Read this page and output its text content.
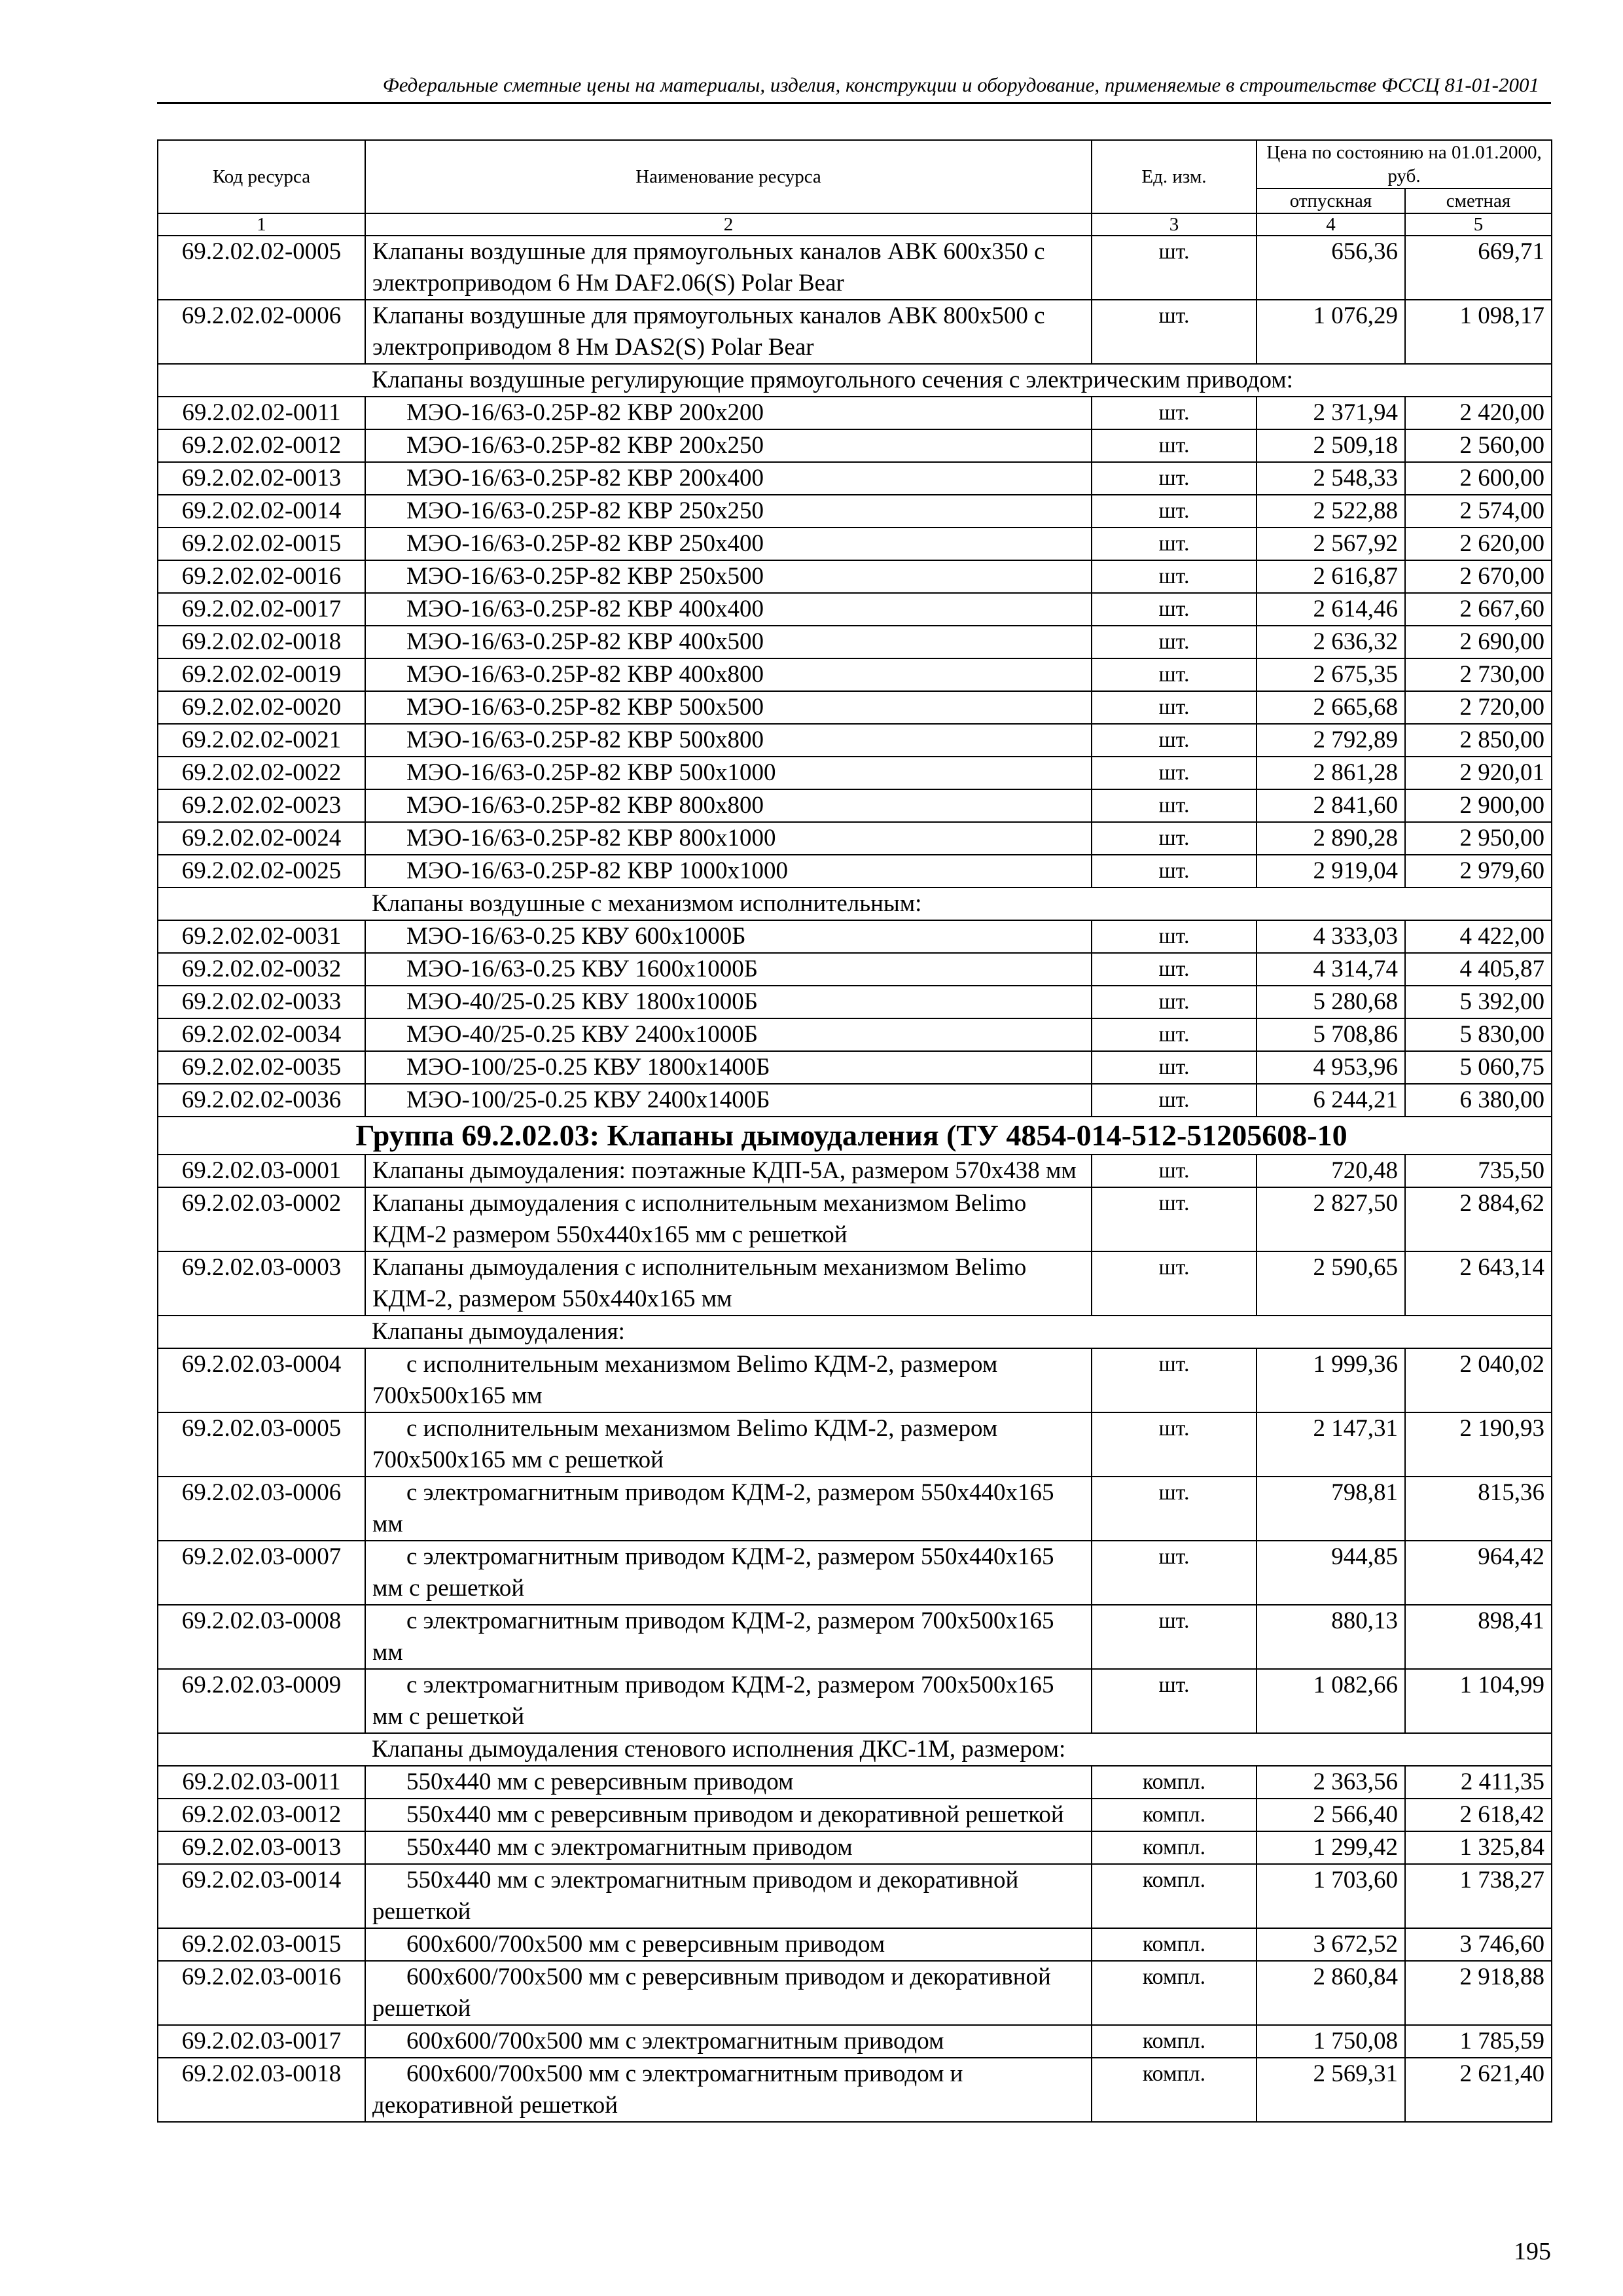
Федеральные сметные цены на материалы, изделия, конструкции и оборудование, применяемые в строительстве ФССЦ 81-01-2001
Код ресурса	Наименование ресурса	Ед. изм.	Цена по состоянию на 01.01.2000, руб.	
			отпускная	сметная
1	2	3	4	5
69.2.02.02-0005	Клапаны воздушные для прямоугольных каналов АВК 600х350 с электроприводом 6 Нм DAF2.06(S) Polar Bear	шт.	656,36	669,71
69.2.02.02-0006	Клапаны воздушные для прямоугольных каналов АВК 800х500 с электроприводом 8 Нм DAS2(S) Polar Bear	шт.	1 076,29	1 098,17
	Клапаны воздушные регулирующие прямоугольного сечения с электрическим приводом:			
69.2.02.02-0011	МЭО-16/63-0.25Р-82 КВР 200х200	шт.	2 371,94	2 420,00
69.2.02.02-0012	МЭО-16/63-0.25Р-82 КВР 200х250	шт.	2 509,18	2 560,00
69.2.02.02-0013	МЭО-16/63-0.25Р-82 КВР 200х400	шт.	2 548,33	2 600,00
69.2.02.02-0014	МЭО-16/63-0.25Р-82 КВР 250х250	шт.	2 522,88	2 574,00
69.2.02.02-0015	МЭО-16/63-0.25Р-82 КВР 250х400	шт.	2 567,92	2 620,00
69.2.02.02-0016	МЭО-16/63-0.25Р-82 КВР 250х500	шт.	2 616,87	2 670,00
69.2.02.02-0017	МЭО-16/63-0.25Р-82 КВР 400х400	шт.	2 614,46	2 667,60
69.2.02.02-0018	МЭО-16/63-0.25Р-82 КВР 400х500	шт.	2 636,32	2 690,00
69.2.02.02-0019	МЭО-16/63-0.25Р-82 КВР 400х800	шт.	2 675,35	2 730,00
69.2.02.02-0020	МЭО-16/63-0.25Р-82 КВР 500х500	шт.	2 665,68	2 720,00
69.2.02.02-0021	МЭО-16/63-0.25Р-82 КВР 500х800	шт.	2 792,89	2 850,00
69.2.02.02-0022	МЭО-16/63-0.25Р-82 КВР 500х1000	шт.	2 861,28	2 920,01
69.2.02.02-0023	МЭО-16/63-0.25Р-82 КВР 800х800	шт.	2 841,60	2 900,00
69.2.02.02-0024	МЭО-16/63-0.25Р-82 КВР 800х1000	шт.	2 890,28	2 950,00
69.2.02.02-0025	МЭО-16/63-0.25Р-82 КВР 1000х1000	шт.	2 919,04	2 979,60
	Клапаны воздушные с механизмом исполнительным:			
69.2.02.02-0031	МЭО-16/63-0.25 КВУ 600х1000Б	шт.	4 333,03	4 422,00
69.2.02.02-0032	МЭО-16/63-0.25 КВУ 1600х1000Б	шт.	4 314,74	4 405,87
69.2.02.02-0033	МЭО-40/25-0.25 КВУ 1800х1000Б	шт.	5 280,68	5 392,00
69.2.02.02-0034	МЭО-40/25-0.25 КВУ 2400х1000Б	шт.	5 708,86	5 830,00
69.2.02.02-0035	МЭО-100/25-0.25 КВУ 1800х1400Б	шт.	4 953,96	5 060,75
69.2.02.02-0036	МЭО-100/25-0.25 КВУ 2400х1400Б	шт.	6 244,21	6 380,00
Группа 69.2.02.03: Клапаны дымоудаления (ТУ 4854-014-512-51205608-10				
69.2.02.03-0001	Клапаны дымоудаления: поэтажные КДП-5А, размером 570х438 мм	шт.	720,48	735,50
69.2.02.03-0002	Клапаны дымоудаления с исполнительным механизмом Belimo КДМ-2 размером 550х440х165 мм с решеткой	шт.	2 827,50	2 884,62
69.2.02.03-0003	Клапаны дымоудаления с исполнительным механизмом Belimo КДМ-2, размером 550х440х165 мм	шт.	2 590,65	2 643,14
	Клапаны дымоудаления:			
69.2.02.03-0004	с исполнительным механизмом Belimo КДМ-2, размером 700х500х165 мм	шт.	1 999,36	2 040,02
69.2.02.03-0005	с исполнительным механизмом Belimo КДМ-2, размером 700х500х165 мм с решеткой	шт.	2 147,31	2 190,93
69.2.02.03-0006	с электромагнитным приводом КДМ-2, размером 550х440х165 мм	шт.	798,81	815,36
69.2.02.03-0007	с электромагнитным приводом КДМ-2, размером 550х440х165 мм с решеткой	шт.	944,85	964,42
69.2.02.03-0008	с электромагнитным приводом КДМ-2, размером 700х500х165 мм	шт.	880,13	898,41
69.2.02.03-0009	с электромагнитным приводом КДМ-2, размером 700х500х165 мм с решеткой	шт.	1 082,66	1 104,99
	Клапаны дымоудаления стенового исполнения ДКС-1М, размером:			
69.2.02.03-0011	550х440 мм с реверсивным приводом	компл.	2 363,56	2 411,35
69.2.02.03-0012	550х440 мм с реверсивным приводом и декоративной решеткой	компл.	2 566,40	2 618,42
69.2.02.03-0013	550х440 мм с электромагнитным приводом	компл.	1 299,42	1 325,84
69.2.02.03-0014	550х440 мм с электромагнитным приводом и декоративной решеткой	компл.	1 703,60	1 738,27
69.2.02.03-0015	600х600/700х500 мм с реверсивным приводом	компл.	3 672,52	3 746,60
69.2.02.03-0016	600х600/700х500 мм с реверсивным приводом и декоративной решеткой	компл.	2 860,84	2 918,88
69.2.02.03-0017	600х600/700х500 мм с электромагнитным приводом	компл.	1 750,08	1 785,59
69.2.02.03-0018	600х600/700х500 мм с электромагнитным приводом и декоративной решеткой	компл.	2 569,31	2 621,40
195
